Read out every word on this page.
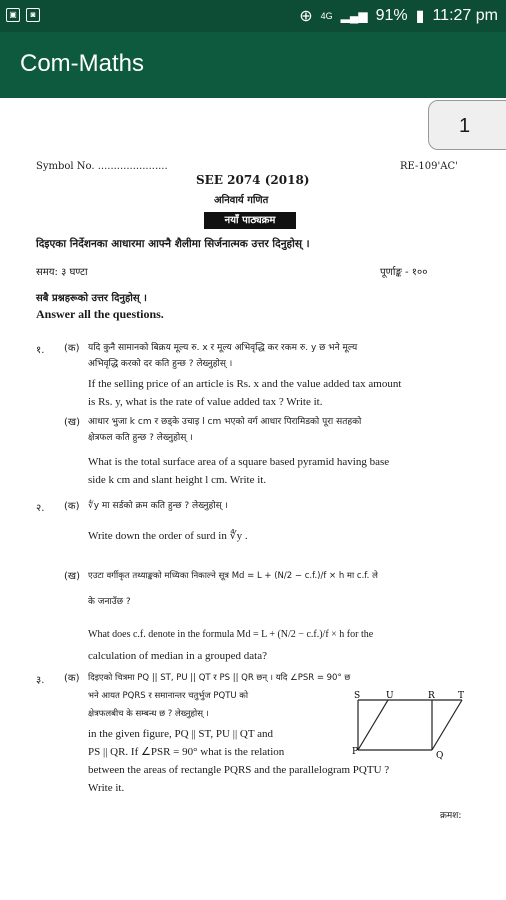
▣	◙	⊕ 4G ▂▄▆ 91% ▮ 11:27 pm
Com-Maths
1
Symbol No. ......................	RE-109'AC'
SEE 2074 (2018)
अनिवार्य गणित
नयाँ पाठ्यक्रम
दिइएका निर्देशनका आधारमा आफ्नै शैलीमा सिर्जनात्मक उत्तर दिनुहोस् ।
समय: ३ घण्टा	पूर्णाङ्क - १००
सबै प्रश्नहरूको उत्तर दिनुहोस् ।
Answer all the questions.
१. (क) यदि कुनै सामानको बिक्रय मूल्य रु. x र मूल्य अभिवृद्धि कर रकम रु. y छ भने मूल्य
अभिवृद्धि करको दर कति हुन्छ ? लेख्नुहोस् ।
If the selling price of an article is Rs. x and the value added tax amount
is Rs. y, what is the rate of value added tax ? Write it.
(ख) आधार भुजा k cm र छड्के उचाइ l cm भएको वर्ग आधार पिरामिडको पूरा सतहको
क्षेत्रफल कति हुन्छ ? लेख्नुहोस् ।
What is the total surface area of a square based pyramid having base
side k cm and slant height l cm. Write it.
२. (क) ∜y मा सर्डको क्रम कति हुन्छ ? लेख्नुहोस् ।
Write down the order of surd in ∜y .
(ख) एउटा वर्गीकृत तथ्याङ्कको मध्यिका निकाल्ने सूत्र Md = L + (N/2 − c.f.)/f × h मा c.f. ले
के जनाउँछ ?
What does c.f. denote in the formula Md = L + (N/2 − c.f.)/f × h for the
calculation of median in a grouped data?
३. (क) दिइएको चित्रमा PQ || ST, PU || QT र PS || QR छन् । यदि ∠PSR = 90° छ
भने आयत PQRS र समानान्तर चतुर्भुज PQTU को
क्षेत्रफलबीच के सम्बन्ध छ ? लेख्नुहोस् ।
in the given figure, PQ || ST, PU || QT and
PS || QR. If ∠PSR = 90° what is the relation
between the areas of rectangle PQRS and the parallelogram PQTU ?
Write it.
P	Q
S	U	R	T
क्रमश:
